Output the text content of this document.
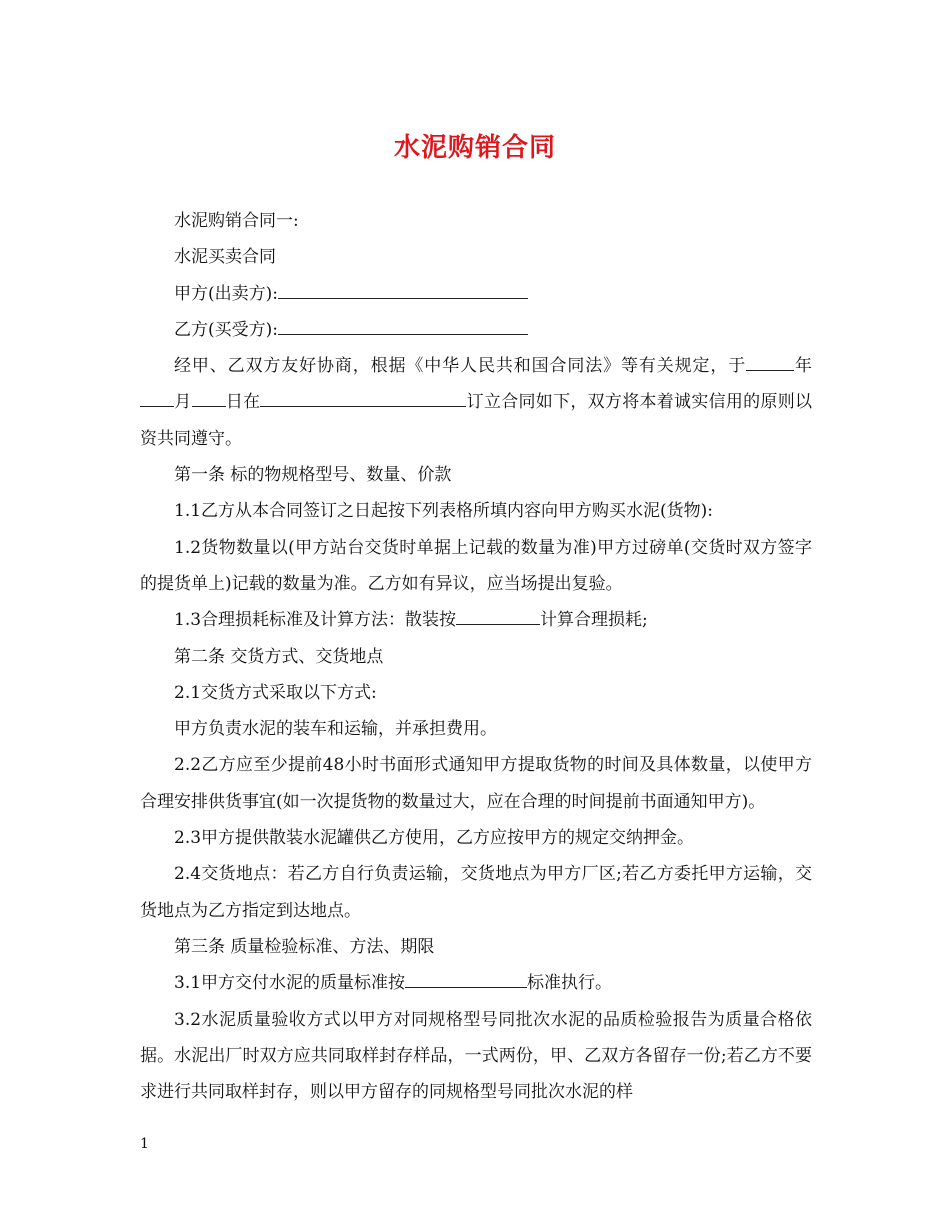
水泥购销合同

水泥购销合同一:

水泥买卖合同

甲方(出卖方):

乙方(买受方):

经甲、乙双方友好协商，根据《中华人民共和国合同法》等有关规定，于	年月 日在	订立合同如下，双方将本着诚实信用的原则以资共同遵守。

第一条 标的物规格型号、数量、价款

1.1乙方从本合同签订之日起按下列表格所填内容向甲方购买水泥(货物):

1.2货物数量以(甲方站台交货时单据上记载的数量为准)甲方过磅单(交货时双方签字的提货单上)记载的数量为准。乙方如有异议，应当场提出复验。

1.3合理损耗标准及计算方法：散装按	计算合理损耗;

第二条 交货方式、交货地点

2.1交货方式采取以下方式:

甲方负责水泥的装车和运输，并承担费用。

2.2乙方应至少提前48小时书面形式通知甲方提取货物的时间及具体数量，以使甲方合理安排供货事宜(如一次提货物的数量过大，应在合理的时间提前书面通知甲方)。

2.3甲方提供散装水泥罐供乙方使用，乙方应按甲方的规定交纳押金。

2.4交货地点：若乙方自行负责运输，交货地点为甲方厂区;若乙方委托甲方运输，交货地点为乙方指定到达地点。

第三条 质量检验标准、方法、期限

3.1甲方交付水泥的质量标准按	标准执行。

3.2水泥质量验收方式以甲方对同规格型号同批次水泥的品质检验报告为质量合格依据。水泥出厂时双方应共同取样封存样品，一式两份，甲、乙双方各留存一份;若乙方不要求进行共同取样封存，则以甲方留存的同规格型号同批次水泥的样

1
